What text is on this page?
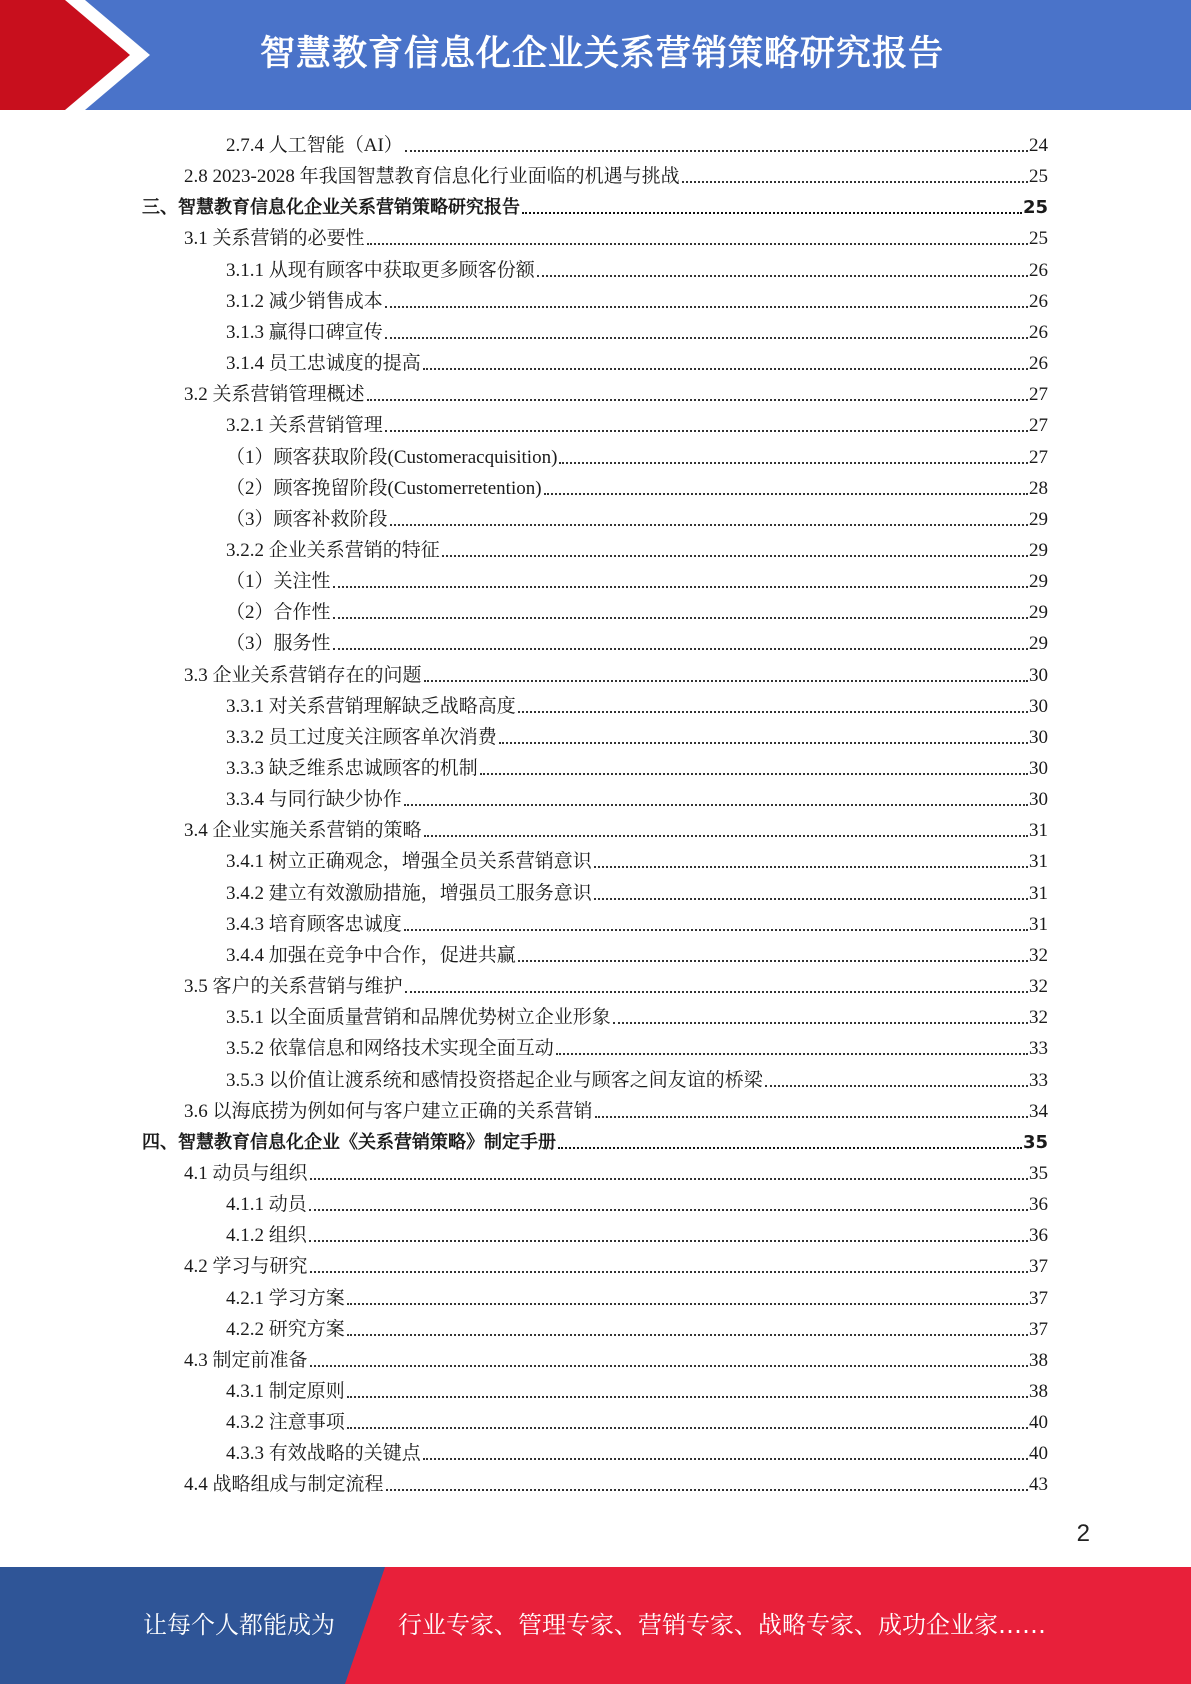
智慧教育信息化企业关系营销策略研究报告
2.7.4 人工智能（AI）	24
2.8 2023-2028 年我国智慧教育信息化行业面临的机遇与挑战	25
三、智慧教育信息化企业关系营销策略研究报告	25
3.1 关系营销的必要性	25
3.1.1 从现有顾客中获取更多顾客份额	26
3.1.2 减少销售成本	26
3.1.3 赢得口碑宣传	26
3.1.4 员工忠诚度的提高	26
3.2 关系营销管理概述	27
3.2.1 关系营销管理	27
（1）顾客获取阶段(Customeracquisition)	27
（2）顾客挽留阶段(Customerretention)	28
（3）顾客补救阶段	29
3.2.2 企业关系营销的特征	29
（1）关注性	29
（2）合作性	29
（3）服务性	29
3.3 企业关系营销存在的问题	30
3.3.1 对关系营销理解缺乏战略高度	30
3.3.2 员工过度关注顾客单次消费	30
3.3.3 缺乏维系忠诚顾客的机制	30
3.3.4 与同行缺少协作	30
3.4 企业实施关系营销的策略	31
3.4.1 树立正确观念，增强全员关系营销意识	31
3.4.2 建立有效激励措施，增强员工服务意识	31
3.4.3 培育顾客忠诚度	31
3.4.4 加强在竞争中合作，促进共赢	32
3.5 客户的关系营销与维护	32
3.5.1 以全面质量营销和品牌优势树立企业形象	32
3.5.2 依靠信息和网络技术实现全面互动	33
3.5.3 以价值让渡系统和感情投资搭起企业与顾客之间友谊的桥梁	33
3.6 以海底捞为例如何与客户建立正确的关系营销	34
四、智慧教育信息化企业《关系营销策略》制定手册	35
4.1 动员与组织	35
4.1.1 动员	36
4.1.2 组织	36
4.2 学习与研究	37
4.2.1 学习方案	37
4.2.2 研究方案	37
4.3 制定前准备	38
4.3.1 制定原则	38
4.3.2 注意事项	40
4.3.3 有效战略的关键点	40
4.4 战略组成与制定流程	43
2
让每个人都能成为	行业专家、管理专家、营销专家、战略专家、成功企业家……
